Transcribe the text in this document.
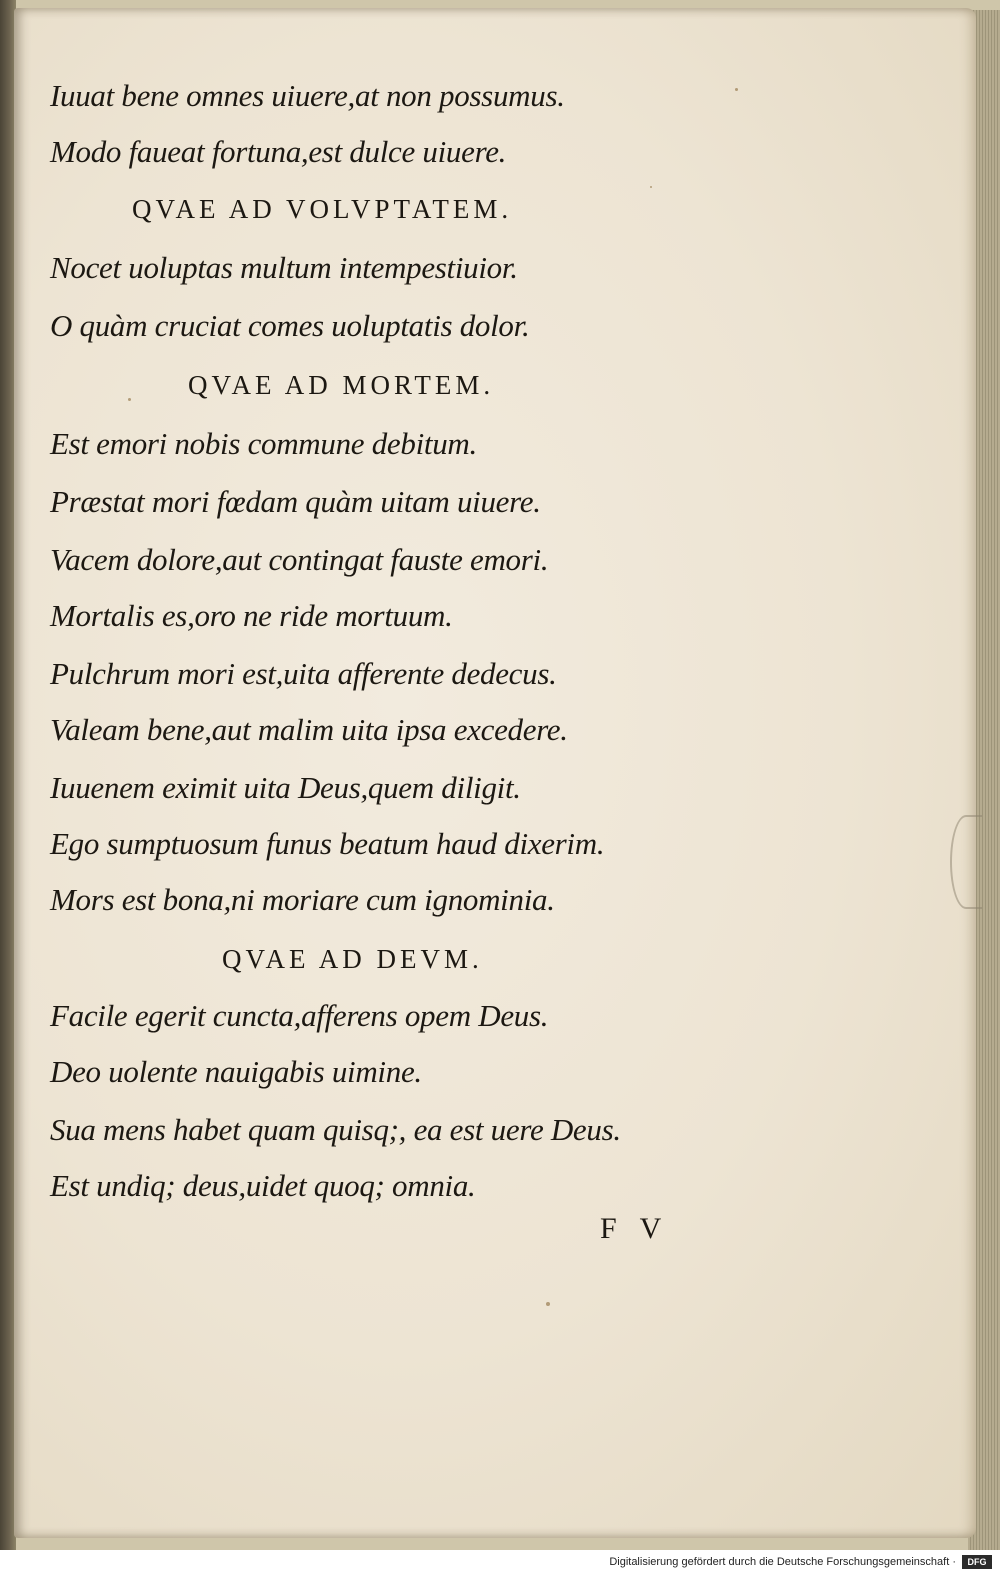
Iuuat bene omnes uiuere,at non possumus.

Modo faueat fortuna,est dulce uiuere.

QVAE AD VOLVPTATEM.

Nocet uoluptas multum intempestiuior.

O quàm cruciat comes uoluptatis dolor.

QVAE AD MORTEM.

Est emori nobis commune debitum.

Præstat mori fœdam quàm uitam uiuere.

Vacem dolore,aut contingat fauste emori.

Mortalis es,oro ne ride mortuum.

Pulchrum mori est,uita afferente dedecus.

Valeam bene,aut malim uita ipsa excedere.

Iuuenem eximit uita Deus,quem diligit.

Ego sumptuosum funus beatum haud dixerim.

Mors est bona,ni moriare cum ignominia.

QVAE AD DEVM.

Facile egerit cuncta,afferens opem Deus.

Deo uolente nauigabis uimine.

Sua mens habet quam quisq;, ea est uere Deus.

Est undiq; deus,uidet quoq; omnia.

F V

Digitalisierung gefördert durch die Deutsche Forschungsgemeinschaft ·	DFG
